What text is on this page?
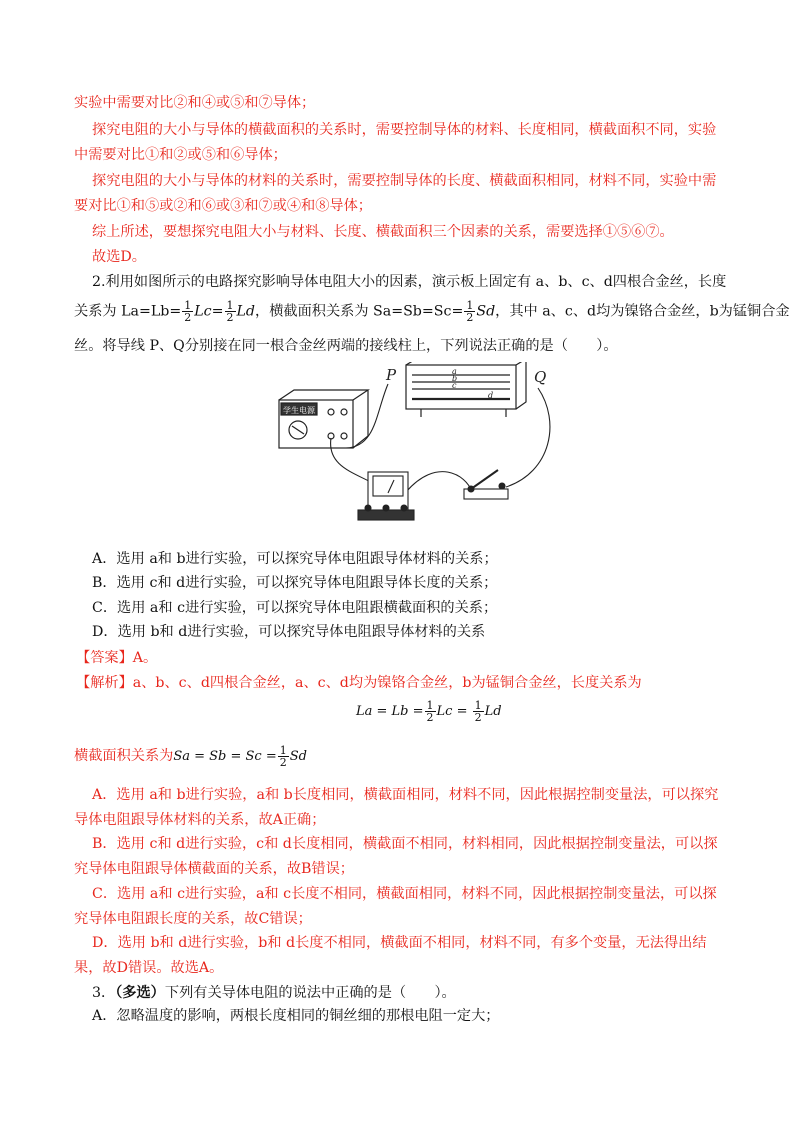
实验中需要对比②和④或⑤和⑦导体；
探究电阻的大小与导体的横截面积的关系时，需要控制导体的材料、长度相同，横截面积不同，实验
中需要对比①和②或⑤和⑥导体；
探究电阻的大小与导体的材料的关系时，需要控制导体的长度、横截面积相同，材料不同，实验中需
要对比①和⑤或②和⑥或③和⑦或④和⑧导体；
综上所述，要想探究电阻大小与材料、长度、横截面积三个因素的关系，需要选择①⑤⑥⑦。
故选D。
2.利用如图所示的电路探究影响导体电阻大小的因素，演示板上固定有 a、b、c、d四根合金丝，长度
关系为 $La=Lb= \frac{1}{2} Lc= \frac{1}{2}$ Ld，横截面积关系为 $Sa=Sb=Sc= \frac{1}{2}$ Sd，其中 a、c、d均为镍铬合金丝，b为锰铜合金
丝。将导线 P、Q分别接在同一根合金丝两端的接线柱上，下列说法正确的是（　　）。
学生电源
a
b
c
d
P	Q
A．选用 a和 b进行实验，可以探究导体电阻跟导体材料的关系；
B．选用 c和 d进行实验，可以探究导体电阻跟导体长度的关系；
C．选用 a和 c进行实验，可以探究导体电阻跟横截面积的关系；
D．选用 b和 d进行实验，可以探究导体电阻跟导体材料的关系
【答案】A。
【解析】a、b、c、d四根合金丝，a、c、d均为镍铬合金丝，b为锰铜合金丝，长度关系为
$La = Lb = \frac{1}{2}$ $Lc = \frac{1}{2}$ Ld
横截面积关系为$Sa = Sb = Sc = \frac{1}{2}$ Sd
A．选用 a和 b进行实验，a和 b长度相同，横截面相同，材料不同，因此根据控制变量法，可以探究
导体电阻跟导体材料的关系，故A正确；
B．选用 c和 d进行实验，c和 d长度相同，横截面不相同，材料相同，因此根据控制变量法，可以探
究导体电阻跟导体横截面的关系，故B错误；
C．选用 a和 c进行实验，a和 c长度不相同，横截面相同，材料不同，因此根据控制变量法，可以探
究导体电阻跟长度的关系，故C错误；
D．选用 b和 d进行实验，b和 d长度不相同，横截面不相同，材料不同，有多个变量，无法得出结
果，故D错误。故选A。
3．（多选）下列有关导体电阻的说法中正确的是（　　）。
A．忽略温度的影响，两根长度相同的铜丝细的那根电阻一定大；
